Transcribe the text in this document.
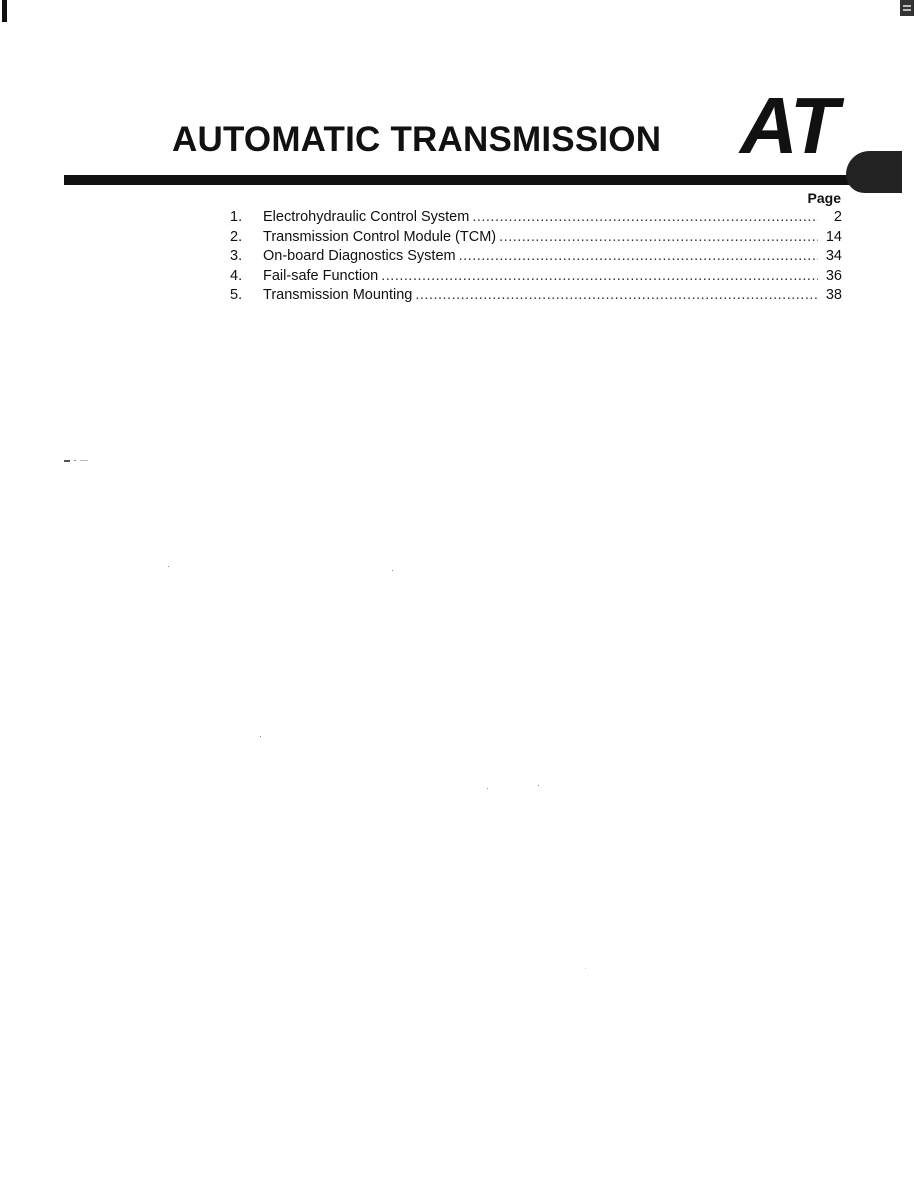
AUTOMATIC TRANSMISSION AT
Page
1.	Electrohydraulic Control System .....	2
2.	Transmission Control Module (TCM) .....	14
3.	On-board Diagnostics System .....	34
4.	Fail-safe Function .....	36
5.	Transmission Mounting .....	38
